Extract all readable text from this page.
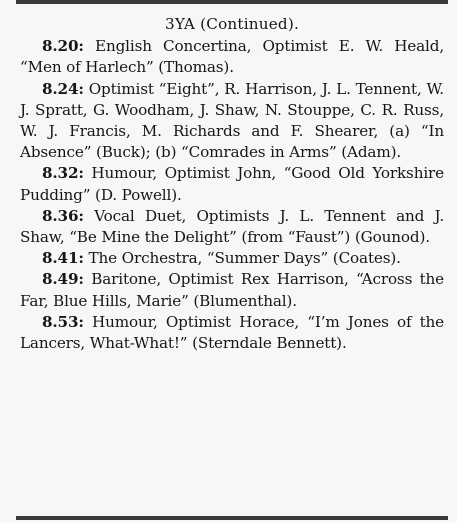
3YA (Continued).

8.20: English Concertina, Optimist E. W. Heald, “Men of Harlech” (Thomas).

8.24: Optimist “Eight”, R. Harrison, J. L. Tennent, W. J. Spratt, G. Woodham, J. Shaw, N. Stouppe, C. R. Russ, W. J. Francis, M. Richards and F. Shearer, (a) “In Absence” (Buck); (b) “Comrades in Arms” (Adam).

8.32: Humour, Optimist John, “Good Old Yorkshire Pudding” (D. Powell).

8.36: Vocal Duet, Optimists J. L. Tennent and J. Shaw, “Be Mine the Delight” (from “Faust”) (Gounod).

8.41: The Orchestra, “Summer Days” (Coates).

8.49: Baritone, Optimist Rex Harrison, “Across the Far, Blue Hills, Marie” (Blumenthal).

8.53: Humour, Optimist Horace, “I’m Jones of the Lancers, What-What!” (Sterndale Bennett).
